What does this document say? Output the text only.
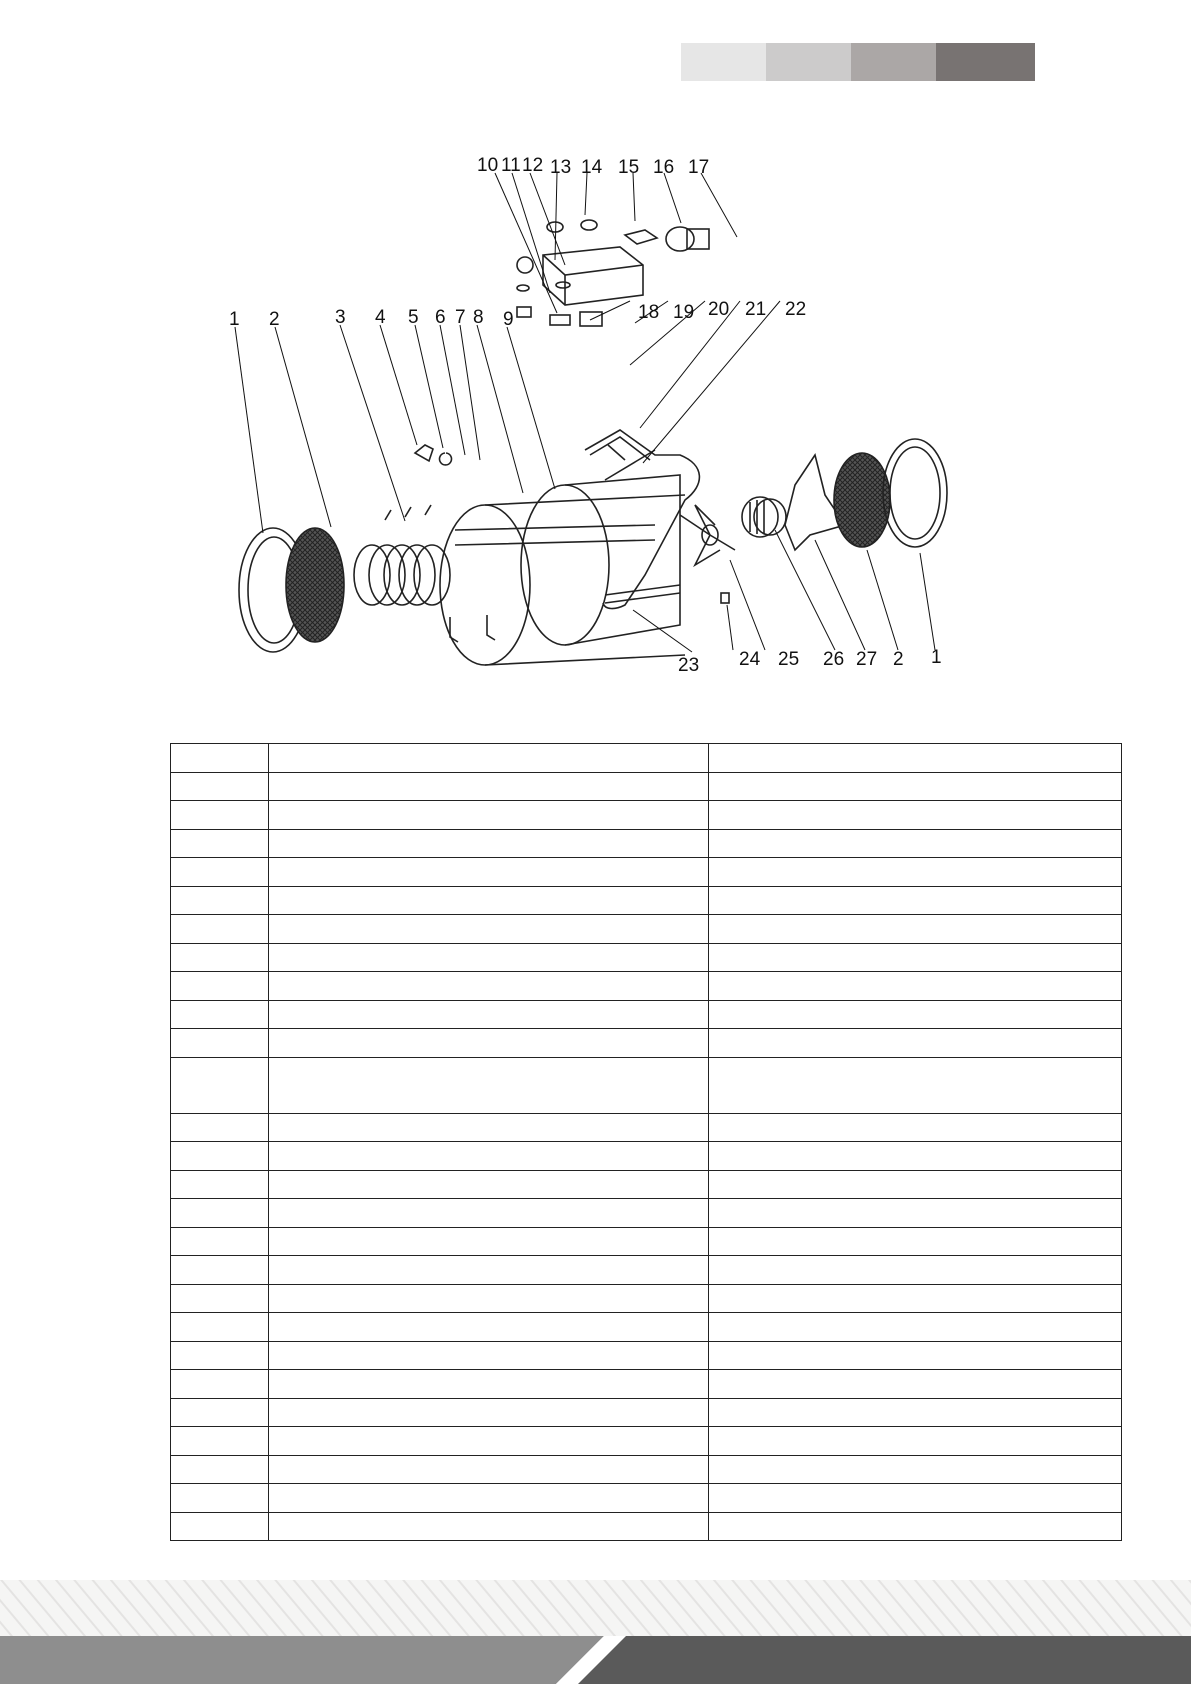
1 2	3 4 5 6 7 8 9
10 11 12 13 14 15 16 17
18 19 20 21 22
23 24 25 26 27 2 1
